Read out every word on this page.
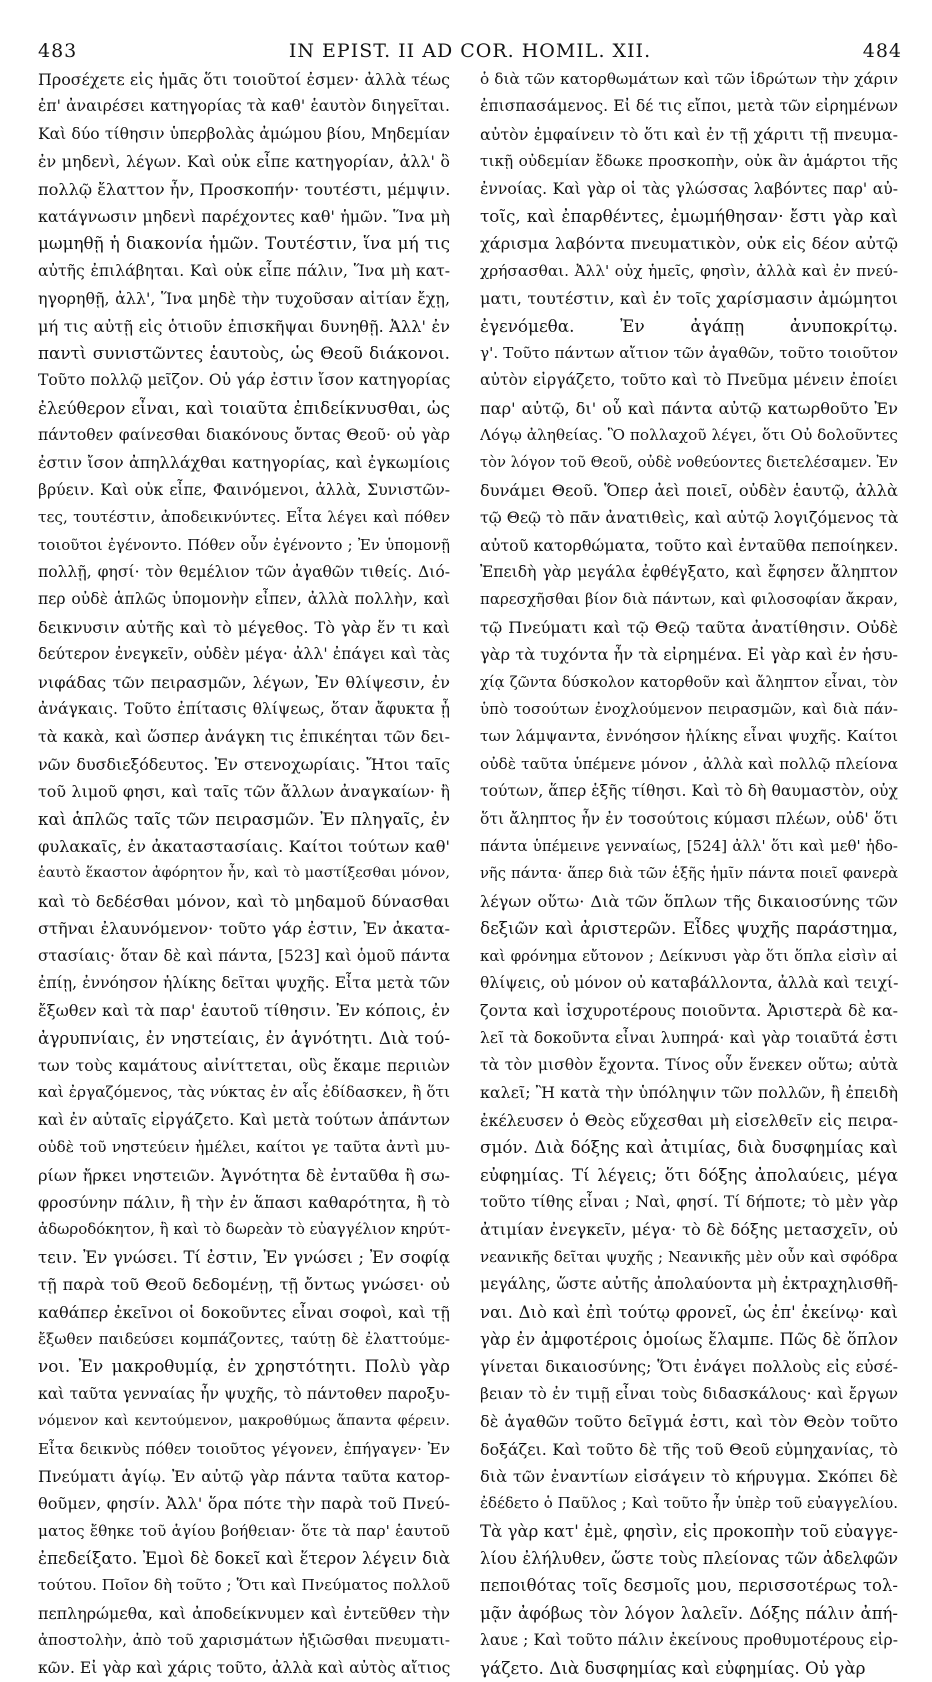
483	IN EPIST. II AD COR. HOMIL. XII.	484
Προσέχετε εἰς ἡμᾶς ὅτι τοιοῦτοί ἐσμεν· ἀλλὰ τέως
ἐπ' ἀναιρέσει κατηγορίας τὰ καθ' ἑαυτὸν διηγεῖται.
Καὶ δύο τίθησιν ὑπερβολὰς ἀμώμου βίου, Μηδεμίαν
ἐν μηδενὶ, λέγων. Καὶ οὐκ εἶπε κατηγορίαν, ἀλλ' ὃ
πολλῷ ἔλαττον ἦν, Προσκοπήν· τουτέστι, μέμψιν.
κατάγνωσιν μηδενὶ παρέχοντες καθ' ἡμῶν. Ἵνα μὴ
μωμηθῇ ἡ διακονία ἡμῶν. Τουτέστιν, ἵνα μή τις
αὐτῆς ἐπιλάβηται. Καὶ οὐκ εἶπε πάλιν, Ἵνα μὴ κατ-
ηγορηθῇ, ἀλλ', Ἵνα μηδὲ τὴν τυχοῦσαν αἰτίαν ἔχῃ,
μή τις αὐτῇ εἰς ὁτιοῦν ἐπισκῆψαι δυνηθῇ. Ἀλλ' ἐν
παντὶ συνιστῶντες ἑαυτοὺς, ὡς Θεοῦ διάκονοι.
Τοῦτο πολλῷ μεῖζον. Οὐ γάρ ἐστιν ἴσον κατηγορίας
ἐλεύθερον εἶναι, καὶ τοιαῦτα ἐπιδείκνυσθαι, ὡς
πάντοθεν φαίνεσθαι διακόνους ὄντας Θεοῦ· οὐ γὰρ
ἐστιν ἴσον ἀπηλλάχθαι κατηγορίας, καὶ ἐγκωμίοις
βρύειν. Καὶ οὐκ εἶπε, Φαινόμενοι, ἀλλὰ, Συνιστῶν-
τες, τουτέστιν, ἀποδεικνύντες. Εἶτα λέγει καὶ πόθεν
τοιοῦτοι ἐγένοντο. Πόθεν οὖν ἐγένοντο ; Ἐν ὑπομονῇ
πολλῇ, φησί· τὸν θεμέλιον τῶν ἀγαθῶν τιθείς. Διό-
περ οὐδὲ ἁπλῶς ὑπομονὴν εἶπεν, ἀλλὰ πολλὴν, καὶ
δεικνυσιν αὐτῆς καὶ τὸ μέγεθος. Τὸ γὰρ ἕν τι καὶ
δεύτερον ἐνεγκεῖν, οὐδὲν μέγα· ἀλλ' ἐπάγει καὶ τὰς
νιφάδας τῶν πειρασμῶν, λέγων, Ἐν θλίψεσιν, ἐν
ἀνάγκαις. Τοῦτο ἐπίτασις θλίψεως, ὅταν ἄφυκτα ᾖ
τὰ κακὰ, καὶ ὥσπερ ἀνάγκη τις ἐπικέηται τῶν δει-
νῶν δυσδιεξόδευτος. Ἐν στενοχωρίαις. Ἤτοι ταῖς
τοῦ λιμοῦ φησι, καὶ ταῖς τῶν ἄλλων ἀναγκαίων· ἢ
καὶ ἁπλῶς ταῖς τῶν πειρασμῶν. Ἐν πληγαῖς, ἐν
φυλακαῖς, ἐν ἀκαταστασίαις. Καίτοι τούτων καθ'
ἑαυτὸ ἕκαστον ἀφόρητον ἦν, καὶ τὸ μαστίξεσθαι μόνον,
καὶ τὸ δεδέσθαι μόνον, καὶ τὸ μηδαμοῦ δύνασθαι
στῆναι ἐλαυνόμενον· τοῦτο γάρ ἐστιν, Ἐν ἀκατα-
στασίαις· ὅταν δὲ καὶ πάντα, [523] καὶ ὁμοῦ πάντα
ἐπίῃ, ἐννόησον ἡλίκης δεῖται ψυχῆς. Εἶτα μετὰ τῶν
ἔξωθεν καὶ τὰ παρ' ἑαυτοῦ τίθησιν. Ἐν κόποις, ἐν
ἀγρυπνίαις, ἐν νηστείαις, ἐν ἁγνότητι. Διὰ τού-
των τοὺς καμάτους αἰνίττεται, οὓς ἔκαμε περιιὼν
καὶ ἐργαζόμενος, τὰς νύκτας ἐν αἷς ἐδίδασκεν, ἢ ὅτι
καὶ ἐν αὐταῖς εἰργάζετο. Καὶ μετὰ τούτων ἁπάντων
οὐδὲ τοῦ νηστεύειν ἠμέλει, καίτοι γε ταῦτα ἀντὶ μυ-
ρίων ἤρκει νηστειῶν. Ἁγνότητα δὲ ἐνταῦθα ἢ σω-
φροσύνην πάλιν, ἢ τὴν ἐν ἅπασι καθαρότητα, ἢ τὸ
ἀδωροδόκητον, ἢ καὶ τὸ δωρεὰν τὸ εὐαγγέλιον κηρύτ-
τειν. Ἐν γνώσει. Τί ἐστιν, Ἐν γνώσει ; Ἐν σοφίᾳ
τῇ παρὰ τοῦ Θεοῦ δεδομένῃ, τῇ ὄντως γνώσει· οὐ
καθάπερ ἐκεῖνοι οἱ δοκοῦντες εἶναι σοφοὶ, καὶ τῇ
ἔξωθεν παιδεύσει κομπάζοντες, ταύτῃ δὲ ἐλαττούμε-
νοι. Ἐν μακροθυμίᾳ, ἐν χρηστότητι. Πολὺ γὰρ
καὶ ταῦτα γενναίας ἦν ψυχῆς, τὸ πάντοθεν παροξυ-
νόμενον καὶ κεντούμενον, μακροθύμως ἅπαντα φέρειν.
Εἶτα δεικνὺς πόθεν τοιοῦτος γέγονεν, ἐπήγαγεν· Ἐν
Πνεύματι ἁγίῳ. Ἐν αὐτῷ γὰρ πάντα ταῦτα κατορ-
θοῦμεν, φησίν. Ἀλλ' ὅρα πότε τὴν παρὰ τοῦ Πνεύ-
ματος ἔθηκε τοῦ ἁγίου βοήθειαν· ὅτε τὰ παρ' ἑαυτοῦ
ἐπεδείξατο. Ἐμοὶ δὲ δοκεῖ καὶ ἕτερον λέγειν διὰ
τούτου. Ποῖον δὴ τοῦτο ; Ὅτι καὶ Πνεύματος πολλοῦ
πεπληρώμεθα, καὶ ἀποδείκνυμεν καὶ ἐντεῦθεν τὴν
ἀποστολὴν, ἀπὸ τοῦ χαρισμάτων ἠξιῶσθαι πνευματι-
κῶν. Εἰ γὰρ καὶ χάρις τοῦτο, ἀλλὰ καὶ αὐτὸς αἴτιος
ὁ διὰ τῶν κατορθωμάτων καὶ τῶν ἱδρώτων τὴν χάριν
ἐπισπασάμενος. Εἰ δέ τις εἴποι, μετὰ τῶν εἰρημένων
αὐτὸν ἐμφαίνειν τὸ ὅτι καὶ ἐν τῇ χάριτι τῇ πνευμα-
τικῇ οὐδεμίαν ἔδωκε προσκοπὴν, οὐκ ἂν ἁμάρτοι τῆς
ἐννοίας. Καὶ γὰρ οἱ τὰς γλώσσας λαβόντες παρ' αὐ-
τοῖς, καὶ ἐπαρθέντες, ἐμωμήθησαν· ἔστι γὰρ καὶ
χάρισμα λαβόντα πνευματικὸν, οὐκ εἰς δέον αὐτῷ
χρήσασθαι. Ἀλλ' οὐχ ἡμεῖς, φησὶν, ἀλλὰ καὶ ἐν πνεύ-
ματι, τουτέστιν, καὶ ἐν τοῖς χαρίσμασιν ἀμώμητοι
ἐγενόμεθα. Ἐν ἀγάπῃ ἀνυποκρίτῳ.
γ'. Τοῦτο πάντων αἴτιον τῶν ἀγαθῶν, τοῦτο τοιοῦτον
αὐτὸν εἰργάζετο, τοῦτο καὶ τὸ Πνεῦμα μένειν ἐποίει
παρ' αὐτῷ, δι' οὗ καὶ πάντα αὐτῷ κατωρθοῦτο Ἐν
Λόγῳ ἀληθείας. Ὃ πολλαχοῦ λέγει, ὅτι Οὐ δολοῦντες
τὸν λόγον τοῦ Θεοῦ, οὐδὲ νοθεύοντες διετελέσαμεν. Ἐν
δυνάμει Θεοῦ. Ὅπερ ἀεὶ ποιεῖ, οὐδὲν ἑαυτῷ, ἀλλὰ
τῷ Θεῷ τὸ πᾶν ἀνατιθεὶς, καὶ αὐτῷ λογιζόμενος τὰ
αὐτοῦ κατορθώματα, τοῦτο καὶ ἐνταῦθα πεποίηκεν.
Ἐπειδὴ γὰρ μεγάλα ἐφθέγξατο, καὶ ἔφησεν ἄληπτον
παρεσχῆσθαι βίον διὰ πάντων, καὶ φιλοσοφίαν ἄκραν,
τῷ Πνεύματι καὶ τῷ Θεῷ ταῦτα ἀνατίθησιν. Οὐδὲ
γὰρ τὰ τυχόντα ἦν τὰ εἰρημένα. Εἰ γὰρ καὶ ἐν ἡσυ-
χίᾳ ζῶντα δύσκολον κατορθοῦν καὶ ἄληπτον εἶναι, τὸν
ὑπὸ τοσούτων ἐνοχλούμενον πειρασμῶν, καὶ διὰ πάν-
των λάμψαντα, ἐννόησον ἡλίκης εἶναι ψυχῆς. Καίτοι
οὐδὲ ταῦτα ὑπέμενε μόνον , ἀλλὰ καὶ πολλῷ πλείονα
τούτων, ἅπερ ἑξῆς τίθησι. Καὶ τὸ δὴ θαυμαστὸν, οὐχ
ὅτι ἄληπτος ἦν ἐν τοσούτοις κύμασι πλέων, οὐδ' ὅτι
πάντα ὑπέμεινε γενναίως, [524] ἀλλ' ὅτι καὶ μεθ' ἡδο-
νῆς πάντα· ἅπερ διὰ τῶν ἑξῆς ἡμῖν πάντα ποιεῖ φανερὰ
λέγων οὕτω· Διὰ τῶν ὅπλων τῆς δικαιοσύνης τῶν
δεξιῶν καὶ ἀριστερῶν. Εἶδες ψυχῆς παράστημα,
καὶ φρόνημα εὔτονον ; Δείκνυσι γὰρ ὅτι ὅπλα εἰσὶν αἱ
θλίψεις, οὐ μόνον οὐ καταβάλλοντα, ἀλλὰ καὶ τειχί-
ζοντα καὶ ἰσχυροτέρους ποιοῦντα. Ἀριστερὰ δὲ κα-
λεῖ τὰ δοκοῦντα εἶναι λυπηρά· καὶ γὰρ τοιαῦτά ἐστι
τὰ τὸν μισθὸν ἔχοντα. Τίνος οὖν ἕνεκεν οὕτω; αὐτὰ
καλεῖ; Ἢ κατὰ τὴν ὑπόληψιν τῶν πολλῶν, ἢ ἐπειδὴ
ἐκέλευσεν ὁ Θεὸς εὔχεσθαι μὴ εἰσελθεῖν εἰς πειρα-
σμόν. Διὰ δόξης καὶ ἀτιμίας, διὰ δυσφημίας καὶ
εὐφημίας. Τί λέγεις; ὅτι δόξης ἀπολαύεις, μέγα
τοῦτο τίθης εἶναι ; Ναὶ, φησί. Τί δήποτε; τὸ μὲν γὰρ
ἀτιμίαν ἐνεγκεῖν, μέγα· τὸ δὲ δόξης μετασχεῖν, οὐ
νεανικῆς δεῖται ψυχῆς ; Νεανικῆς μὲν οὖν καὶ σφόδρα
μεγάλης, ὥστε αὐτῆς ἀπολαύοντα μὴ ἐκτραχηλισθῆ-
ναι. Διὸ καὶ ἐπὶ τούτῳ φρονεῖ, ὡς ἐπ' ἐκείνῳ· καὶ
γὰρ ἐν ἀμφοτέροις ὁμοίως ἔλαμπε. Πῶς δὲ ὅπλον
γίνεται δικαιοσύνης; Ὅτι ἐνάγει πολλοὺς εἰς εὐσέ-
βειαν τὸ ἐν τιμῇ εἶναι τοὺς διδασκάλους· καὶ ἔργων
δὲ ἀγαθῶν τοῦτο δεῖγμά ἐστι, καὶ τὸν Θεὸν τοῦτο
δοξάζει. Καὶ τοῦτο δὲ τῆς τοῦ Θεοῦ εὐμηχανίας, τὸ
διὰ τῶν ἐναντίων εἰσάγειν τὸ κήρυγμα. Σκόπει δὲ
ἐδέδετο ὁ Παῦλος ; Καὶ τοῦτο ἦν ὑπὲρ τοῦ εὐαγγελίου.
Τὰ γὰρ κατ' ἐμὲ, φησὶν, εἰς προκοπὴν τοῦ εὐαγγε-
λίου ἐλήλυθεν, ὥστε τοὺς πλείονας τῶν ἀδελφῶν
πεποιθότας τοῖς δεσμοῖς μου, περισσοτέρως τολ-
μᾷν ἀφόβως τὸν λόγον λαλεῖν. Δόξης πάλιν ἀπή-
λαυε ; Καὶ τοῦτο πάλιν ἐκείνους προθυμοτέρους εἰρ-
γάζετο. Διὰ δυσφημίας καὶ εὐφημίας. Οὐ γὰρ
